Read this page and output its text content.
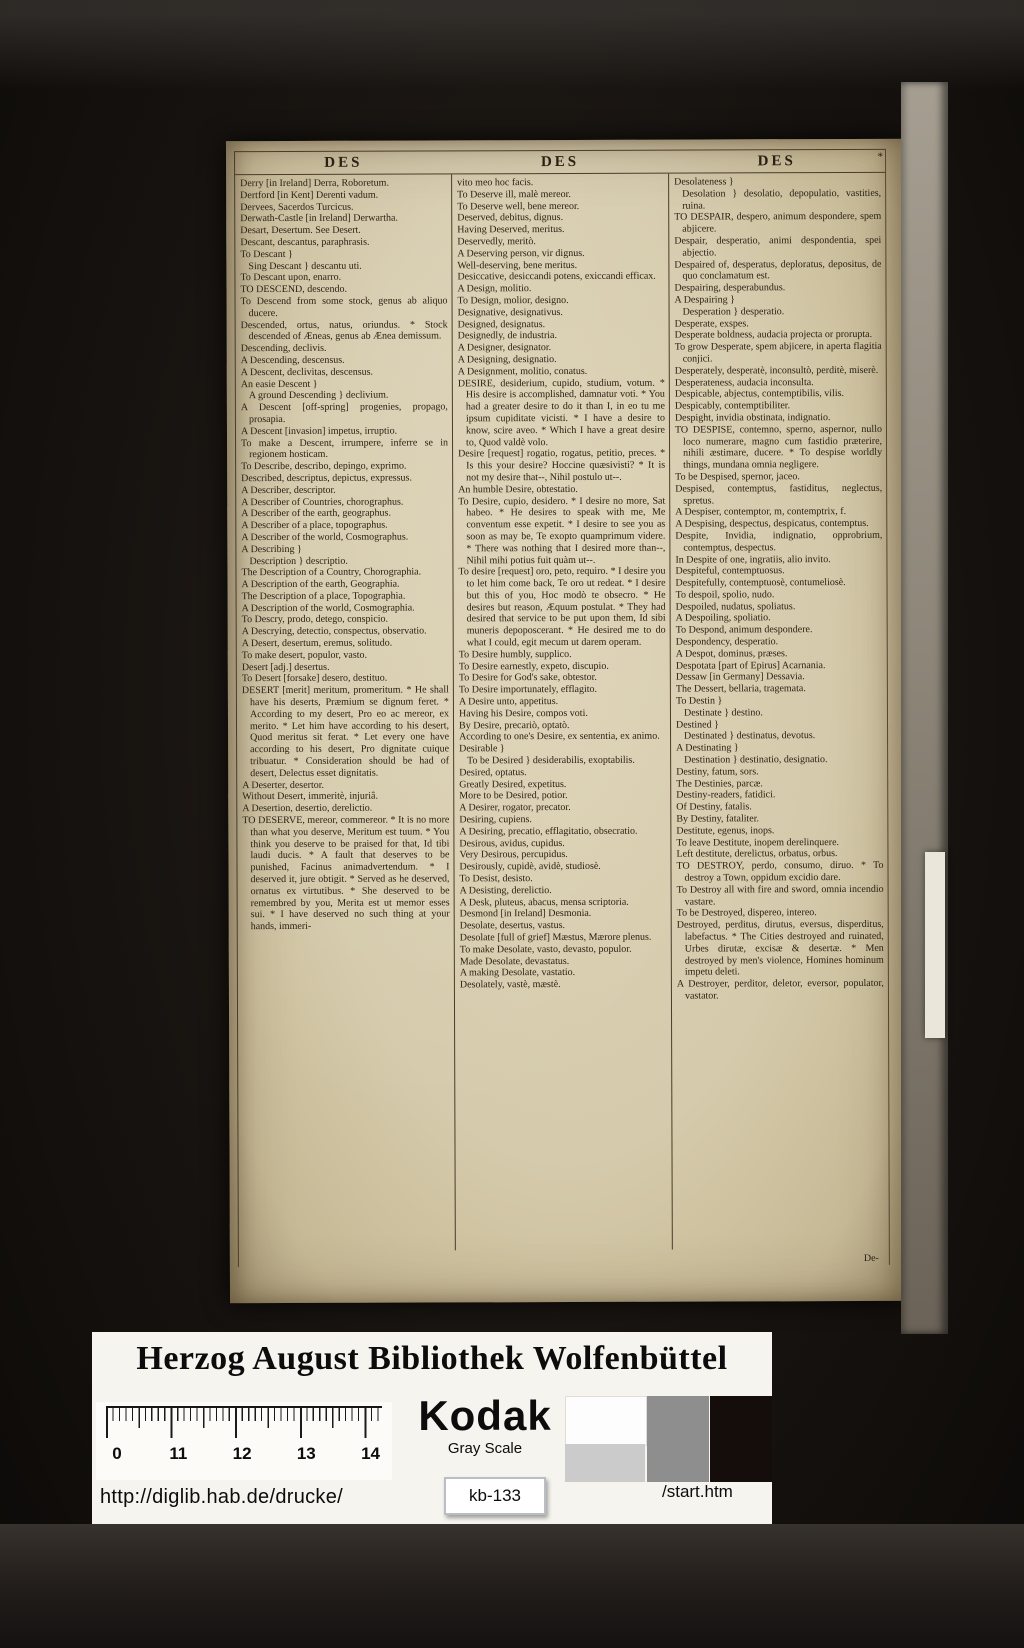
DES	DES	DES	*
Derry [in Ireland] Derra, Roboretum.
Dertford [in Kent] Derenti vadum.
Dervees, Sacerdos Turcicus.
Derwath-Castle [in Ireland] Derwartha.
Desart, Desertum. See Desert.
Descant, descantus, paraphrasis.
To Descant }
Sing Descant } descantu uti.
To Descant upon, enarro.
TO DESCEND, descendo.
To Descend from some stock, genus ab aliquo ducere.
Descended, ortus, natus, oriundus. * Stock descended of Æneas, genus ab Ænea demissum.
Descending, declivis.
A Descending, descensus.
A Descent, declivitas, descensus.
An easie Descent }
A ground Descending } declivium.
A Descent [off-spring] progenies, propago, prosapia.
A Descent [invasion] impetus, irruptio.
To make a Descent, irrumpere, inferre se in regionem hosticam.
To Describe, describo, depingo, exprimo.
Described, descriptus, depictus, expressus.
A Describer, descriptor.
A Describer of Countries, chorographus.
A Describer of the earth, geographus.
A Describer of a place, topographus.
A Describer of the world, Cosmographus.
A Describing }
Description } descriptio.
The Description of a Country, Chorographia.
A Description of the earth, Geographia.
The Description of a place, Topographia.
A Description of the world, Cosmographia.
To Descry, prodo, detego, conspicio.
A Descrying, detectio, conspectus, observatio.
A Desert, desertum, eremus, solitudo.
To make desert, populor, vasto.
Desert [adj.] desertus.
To Desert [forsake] desero, destituo.
DESERT [merit] meritum, promeritum. * He shall have his deserts, Præmium se dignum feret. * According to my desert, Pro eo ac mereor, ex merito. * Let him have according to his desert, Quod meritus sit ferat. * Let every one have according to his desert, Pro dignitate cuique tribuatur. * Consideration should be had of desert, Delectus esset dignitatis.
A Deserter, desertor.
Without Desert, immeritè, injuriâ.
A Desertion, desertio, derelictio.
TO DESERVE, mereor, commereor. * It is no more than what you deserve, Meritum est tuum. * You think you deserve to be praised for that, Id tibi laudi ducis. * A fault that deserves to be punished, Facinus animadvertendum. * I deserved it, jure obtigit. * Served as he deserved, ornatus ex virtutibus. * She deserved to be remembred by you, Merita est ut memor esses sui. * I have deserved no such thing at your hands, immeri-
vito meo hoc facis.
To Deserve ill, malè mereor.
To Deserve well, bene mereor.
Deserved, debitus, dignus.
Having Deserved, meritus.
Deservedly, meritò.
A Deserving person, vir dignus.
Well-deserving, bene meritus.
Desiccative, desiccandi potens, exiccandi efficax.
A Design, molitio.
To Design, molior, designo.
Designative, designativus.
Designed, designatus.
Designedly, de industria.
A Designer, designator.
A Designing, designatio.
A Designment, molitio, conatus.
DESIRE, desiderium, cupido, studium, votum. * His desire is accomplished, damnatur voti. * You had a greater desire to do it than I, in eo tu me ipsum cupiditate vicisti. * I have a desire to know, scire aveo. * Which I have a great desire to, Quod valdè volo.
Desire [request] rogatio, rogatus, petitio, preces. * Is this your desire? Hoccine quæsivisti? * It is not my desire that--, Nihil postulo ut--.
An humble Desire, obtestatio.
To Desire, cupio, desidero. * I desire no more, Sat habeo. * He desires to speak with me, Me conventum esse expetit. * I desire to see you as soon as may be, Te exopto quamprimum videre. * There was nothing that I desired more than--, Nihil mihi potius fuit quàm ut--.
To desire [request] oro, peto, requiro. * I desire you to let him come back, Te oro ut redeat. * I desire but this of you, Hoc modò te obsecro. * He desires but reason, Æquum postulat. * They had desired that service to be put upon them, Id sibi muneris depoposcerant. * He desired me to do what I could, egit mecum ut darem operam.
To Desire humbly, supplico.
To Desire earnestly, expeto, discupio.
To Desire for God's sake, obtestor.
To Desire importunately, efflagito.
A Desire unto, appetitus.
Having his Desire, compos voti.
By Desire, precariò, optatò.
According to one's Desire, ex sententia, ex animo.
Desirable }
To be Desired } desiderabilis, exoptabilis.
Desired, optatus.
Greatly Desired, expetitus.
More to be Desired, potior.
A Desirer, rogator, precator.
Desiring, cupiens.
A Desiring, precatio, efflagitatio, obsecratio.
Desirous, avidus, cupidus.
Very Desirous, percupidus.
Desirously, cupidè, avidè, studiosè.
To Desist, desisto.
A Desisting, derelictio.
A Desk, pluteus, abacus, mensa scriptoria.
Desmond [in Ireland] Desmonia.
Desolate, desertus, vastus.
Desolate [full of grief] Mæstus, Mærore plenus.
To make Desolate, vasto, devasto, populor.
Made Desolate, devastatus.
A making Desolate, vastatio.
Desolately, vastè, mæstè.
Desolateness }
Desolation } desolatio, depopulatio, vastities, ruina.
TO DESPAIR, despero, animum despondere, spem abjicere.
Despair, desperatio, animi despondentia, spei abjectio.
Despaired of, desperatus, deploratus, depositus, de quo conclamatum est.
Despairing, desperabundus.
A Despairing }
Desperation } desperatio.
Desperate, exspes.
Desperate boldness, audacia projecta or prorupta.
To grow Desperate, spem abjicere, in aperta flagitia conjici.
Desperately, desperatè, inconsultò, perditè, miserè.
Desperateness, audacia inconsulta.
Despicable, abjectus, contemptibilis, vilis.
Despicably, contemptibiliter.
Despight, invidia obstinata, indignatio.
TO DESPISE, contemno, sperno, aspernor, nullo loco numerare, magno cum fastidio præterire, nihili æstimare, ducere. * To despise worldly things, mundana omnia negligere.
To be Despised, spernor, jaceo.
Despised, contemptus, fastiditus, neglectus, spretus.
A Despiser, contemptor, m, contemptrix, f.
A Despising, despectus, despicatus, contemptus.
Despite, Invidia, indignatio, opprobrium, contemptus, despectus.
In Despite of one, ingratiis, alio invito.
Despiteful, contemptuosus.
Despitefully, contemptuosè, contumeliosè.
To despoil, spolio, nudo.
Despoiled, nudatus, spoliatus.
A Despoiling, spoliatio.
To Despond, animum despondere.
Despondency, desperatio.
A Despot, dominus, præses.
Despotata [part of Epirus] Acarnania.
Dessaw [in Germany] Dessavia.
The Dessert, bellaria, tragemata.
To Destin }
Destinate } destino.
Destined }
Destinated } destinatus, devotus.
A Destinating }
Destination } destinatio, designatio.
Destiny, fatum, sors.
The Destinies, parcæ.
Destiny-readers, fatidici.
Of Destiny, fatalis.
By Destiny, fataliter.
Destitute, egenus, inops.
To leave Destitute, inopem derelinquere.
Left destitute, derelictus, orbatus, orbus.
TO DESTROY, perdo, consumo, diruo. * To destroy a Town, oppidum excidio dare.
To Destroy all with fire and sword, omnia incendio vastare.
To be Destroyed, dispereo, intereo.
Destroyed, perditus, dirutus, eversus, disperditus, labefactus. * The Cities destroyed and ruinated, Urbes dirutæ, excisæ & desertæ. * Men destroyed by men's violence, Homines hominum impetu deleti.
A Destroyer, perditor, deletor, eversor, populator, vastator.
De-
Herzog August Bibliothek Wolfenbüttel
0	11	12	13	14
Kodak
Gray Scale
kb-133	/start.htm
http://diglib.hab.de/drucke/
